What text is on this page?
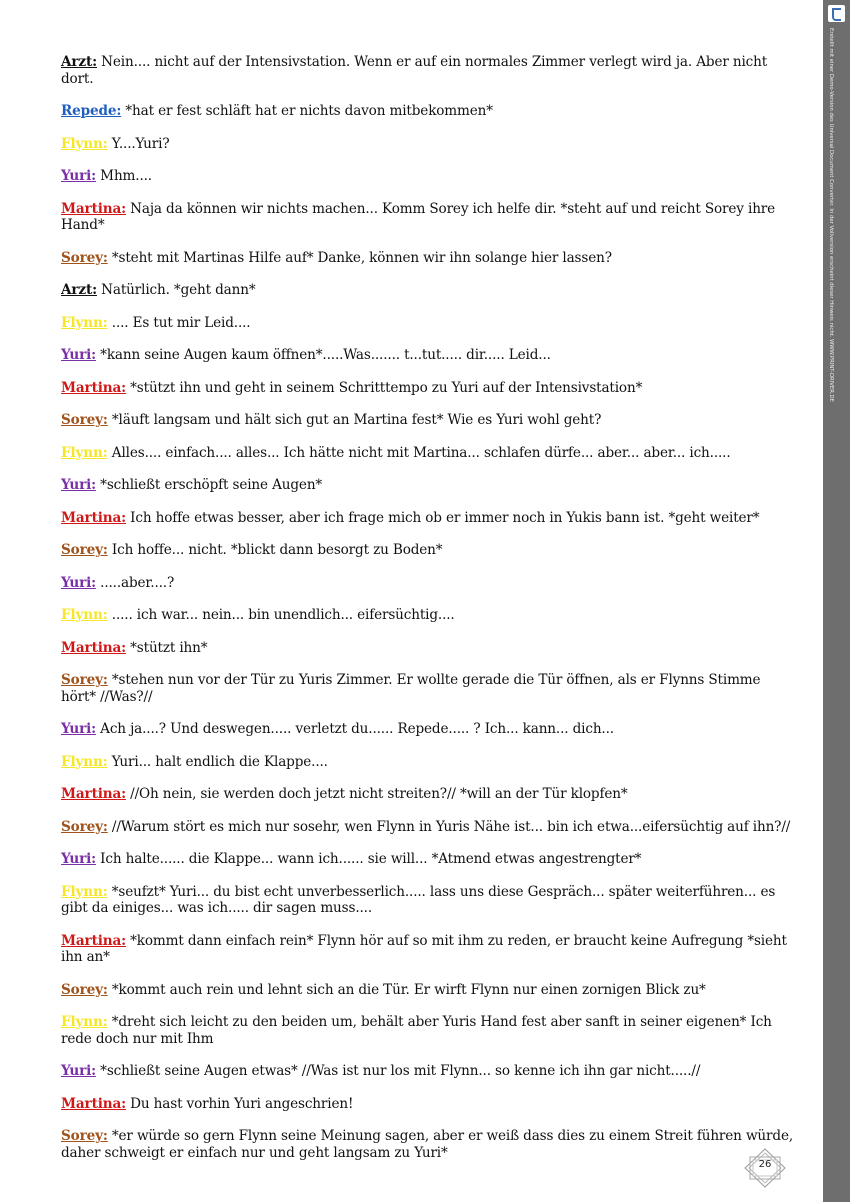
Arzt: Nein.... nicht auf der Intensivstation. Wenn er auf ein normales Zimmer verlegt wird ja. Aber nicht dort.
Repede: *hat er fest schläft hat er nichts davon mitbekommen*
Flynn: Y....Yuri?
Yuri: Mhm....
Martina: Naja da können wir nichts machen... Komm Sorey ich helfe dir. *steht auf und reicht Sorey ihre Hand*
Sorey: *steht mit Martinas Hilfe auf* Danke, können wir ihn solange hier lassen?
Arzt: Natürlich. *geht dann*
Flynn: .... Es tut mir Leid....
Yuri: *kann seine Augen kaum öffnen*.....Was....... t...tut..... dir..... Leid...
Martina: *stützt ihn und geht in seinem Schritttempo zu Yuri auf der Intensivstation*
Sorey: *läuft langsam und hält sich gut an Martina fest* Wie es Yuri wohl geht?
Flynn: Alles.... einfach.... alles... Ich hätte nicht mit Martina... schlafen dürfe... aber... aber... ich.....
Yuri: *schließt erschöpft seine Augen*
Martina: Ich hoffe etwas besser, aber ich frage mich ob er immer noch in Yukis bann ist. *geht weiter*
Sorey: Ich hoffe... nicht. *blickt dann besorgt zu Boden*
Yuri: .....aber....?
Flynn: ..... ich war... nein... bin unendlich... eifersüchtig....
Martina: *stützt ihn*
Sorey: *stehen nun vor der Tür zu Yuris Zimmer. Er wollte gerade die Tür öffnen, als er Flynns Stimme hört* //Was?//
Yuri: Ach ja....? Und deswegen..... verletzt du...... Repede..... ? Ich... kann... dich...
Flynn: Yuri... halt endlich die Klappe....
Martina: //Oh nein, sie werden doch jetzt nicht streiten?// *will an der Tür klopfen*
Sorey: //Warum stört es mich nur sosehr, wen Flynn in Yuris Nähe ist... bin ich etwa...eifersüchtig auf ihn?//
Yuri: Ich halte...... die Klappe... wann ich...... sie will... *Atmend etwas angestrengter*
Flynn: *seufzt* Yuri... du bist echt unverbesserlich..... lass uns diese Gespräch... später weiterführen... es gibt da einiges... was ich..... dir sagen muss....
Martina: *kommt dann einfach rein* Flynn hör auf so mit ihm zu reden, er braucht keine Aufregung *sieht ihn an*
Sorey: *kommt auch rein und lehnt sich an die Tür. Er wirft Flynn nur einen zornigen Blick zu*
Flynn: *dreht sich leicht zu den beiden um, behält aber Yuris Hand fest aber sanft in seiner eigenen* Ich rede doch nur mit Ihm
Yuri: *schließt seine Augen etwas* //Was ist nur los mit Flynn... so kenne ich ihn gar nicht.....//
Martina: Du hast vorhin Yuri angeschrien!
Sorey: *er würde so gern Flynn seine Meinung sagen, aber er weiß dass dies zu einem Streit führen würde, daher schweigt er einfach nur und geht langsam zu Yuri*
Erstellt mit einer Demo-Version des Universal Document Converter. In der Vollversion erscheint dieser Hinweis nicht. WWW.PRINT-DRIVER.DE
26
